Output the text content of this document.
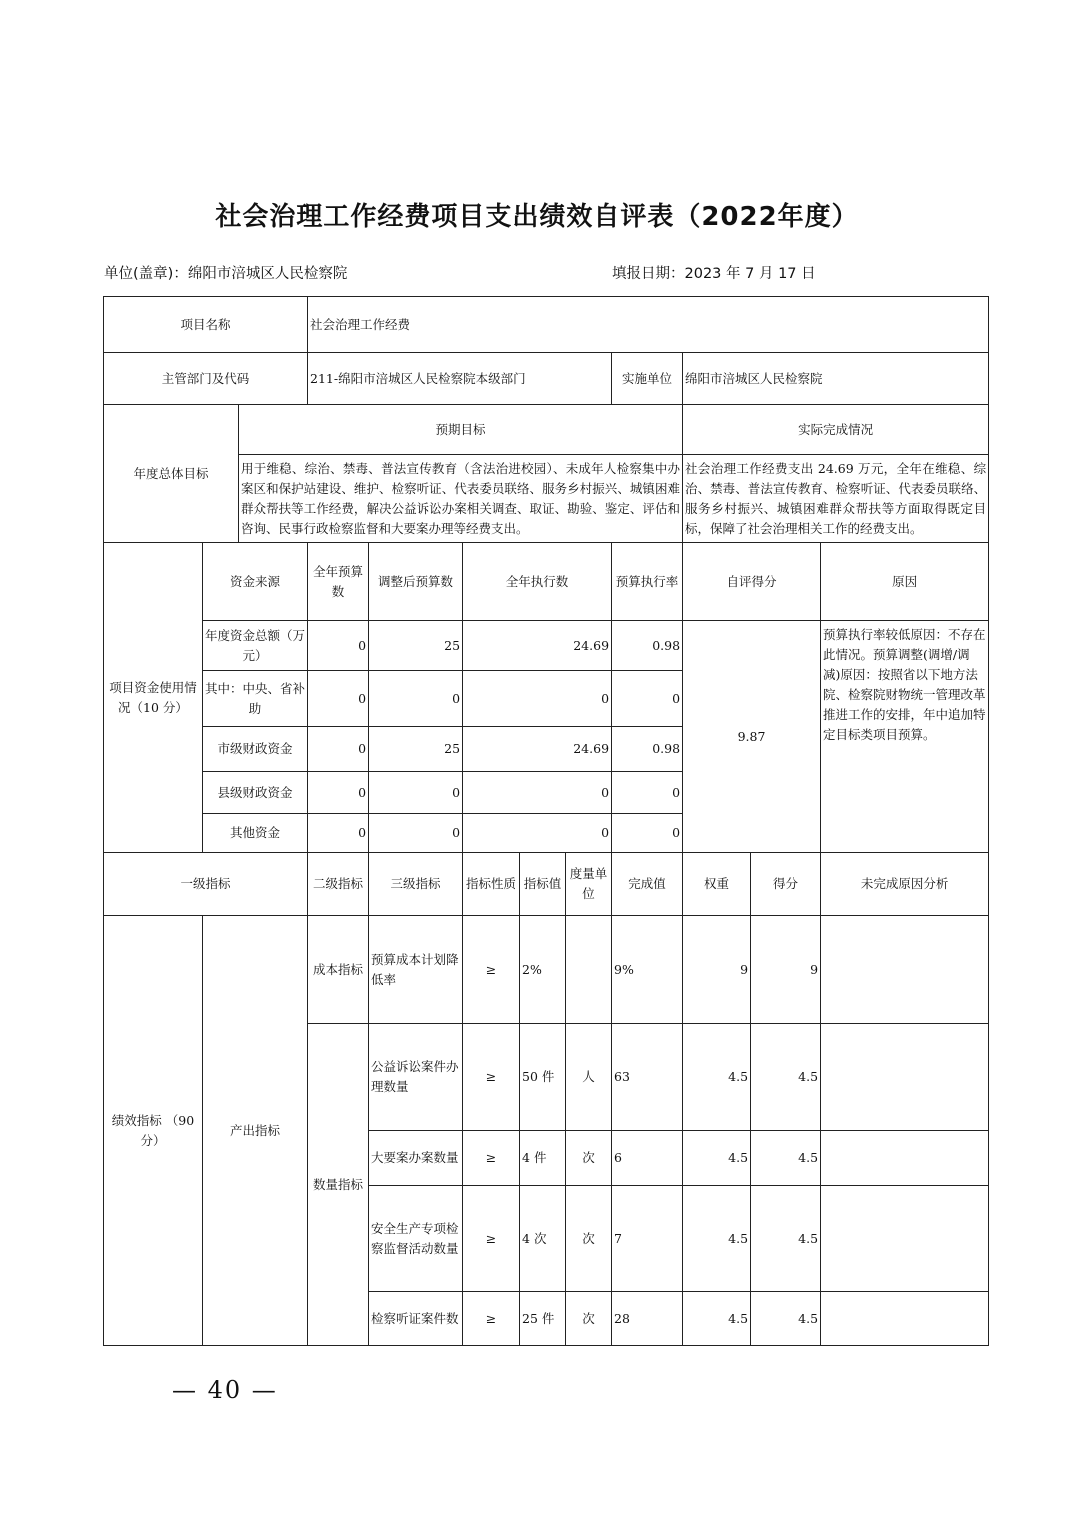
社会治理工作经费项目支出绩效自评表（2022年度）
单位(盖章)：绵阳市涪城区人民检察院	填报日期：2023 年 7 月 17 日
项目名称			社会治理工作经费								
主管部门及代码			211-绵阳市涪城区人民检察院本级部门					实施单位	绵阳市涪城区人民检察院		
年度总体目标		预期目标							实际完成情况		
		用于维稳、综治、禁毒、普法宣传教育（含法治进校园）、未成年人检察集中办案区和保护站建设、维护、检察听证、代表委员联络、服务乡村振兴、城镇困难群众帮扶等工作经费，解决公益诉讼办案相关调查、取证、勘验、鉴定、评估和咨询、民事行政检察监督和大要案办理等经费支出。							社会治理工作经费支出 24.69 万元，全年在维稳、综治、禁毒、普法宣传教育、检察听证、代表委员联络、服务乡村振兴、城镇困难群众帮扶等方面取得既定目标，保障了社会治理相关工作的经费支出。		
项目资金使用情况（10 分）	资金来源		全年预算数	调整后预算数	全年执行数			预算执行率	自评得分		原因
	年度资金总额（万元）		0	25	24.69			0.98	9.87		预算执行率较低原因：不存在此情况。预算调整(调增/调减)原因：按照省以下地方法院、检察院财物统一管理改革推进工作的安排，年中追加特定目标类项目预算。
	其中：中央、省补助		0	0	0			0			
	市级财政资金		0	25	24.69			0.98			
	县级财政资金		0	0	0			0			
	其他资金		0	0	0			0			
一级指标			二级指标	三级指标	指标性质	指标值	度量单位	完成值	权重	得分	未完成原因分析
绩效指标 （90 分）	产出指标		成本指标	预算成本计划降低率	≥	2%		9%	9	9	
			数量指标	公益诉讼案件办理数量	≥	50 件	人	63	4.5	4.5	
				大要案办案数量	≥	4 件	次	6	4.5	4.5	
				安全生产专项检察监督活动数量	≥	4 次	次	7	4.5	4.5	
				检察听证案件数	≥	25 件	次	28	4.5	4.5	
— 40 —
